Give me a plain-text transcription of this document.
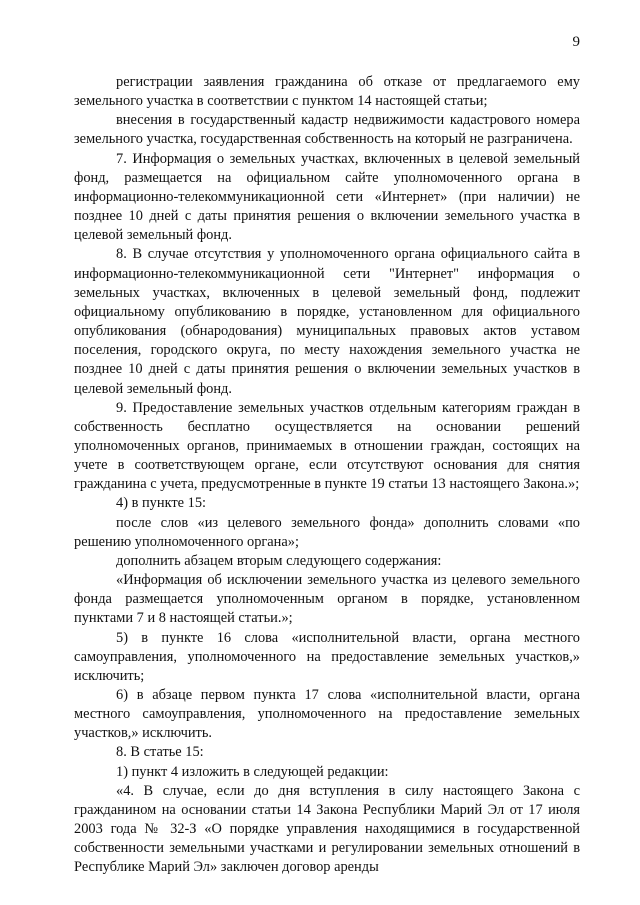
9

регистрации заявления гражданина об отказе от предлагаемого ему земельного участка в соответствии с пунктом 14 настоящей статьи;

внесения в государственный кадастр недвижимости кадастрового номера земельного участка, государственная собственность на который не разграничена.

7. Информация о земельных участках, включенных в целевой земельный фонд, размещается на официальном сайте уполномоченного органа в информационно-телекоммуникационной сети «Интернет» (при наличии) не позднее 10 дней с даты принятия решения о включении земельного участка в целевой земельный фонд.

8. В случае отсутствия у уполномоченного органа официального сайта в информационно-телекоммуникационной сети "Интернет" информация о земельных участках, включенных в целевой земельный фонд, подлежит официальному опубликованию в порядке, установленном для официального опубликования (обнародования) муниципальных правовых актов уставом поселения, городского округа, по месту нахождения земельного участка не позднее 10 дней с даты принятия решения о включении земельных участков в целевой земельный фонд.

9. Предоставление земельных участков отдельным категориям граждан в собственность бесплатно осуществляется на основании решений уполномоченных органов, принимаемых в отношении граждан, состоящих на учете в соответствующем органе, если отсутствуют основания для снятия гражданина с учета, предусмотренные в пункте 19 статьи 13 настоящего Закона.»;

4) в пункте 15:

после слов «из целевого земельного фонда» дополнить словами «по решению уполномоченного органа»;

дополнить абзацем вторым следующего содержания:

«Информация об исключении земельного участка из целевого земельного фонда размещается уполномоченным органом в порядке, установленном пунктами 7 и 8 настоящей статьи.»;

5) в пункте 16 слова «исполнительной власти, органа местного самоуправления, уполномоченного на предоставление земельных участков,» исключить;

6) в абзаце первом пункта 17 слова «исполнительной власти, органа местного самоуправления, уполномоченного на предоставление земельных участков,» исключить.

8. В статье 15:

1) пункт 4 изложить в следующей редакции:

«4. В случае, если до дня вступления в силу настоящего Закона с гражданином на основании статьи 14 Закона Республики Марий Эл от 17 июля 2003 года № 32-З «О порядке управления находящимися в государственной собственности земельными участками и регулировании земельных отношений в Республике Марий Эл» заключен договор аренды
